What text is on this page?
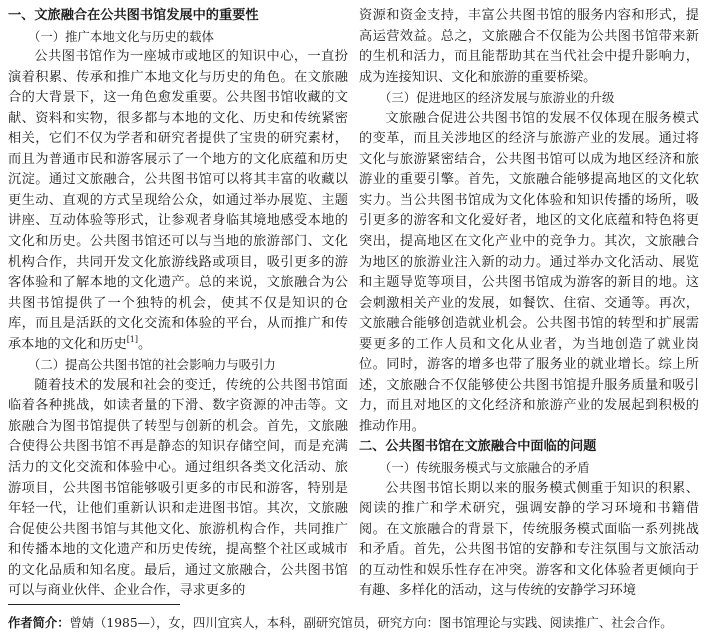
一、文旅融合在公共图书馆发展中的重要性
（一）推广本地文化与历史的载体

公共图书馆作为一座城市或地区的知识中心，一直扮演着积累、传承和推广本地文化与历史的角色。在文旅融合的大背景下，这一角色愈发重要。公共图书馆收藏的文献、资料和实物，很多都与本地的文化、历史和传统紧密相关，它们不仅为学者和研究者提供了宝贵的研究素材，而且为普通市民和游客展示了一个地方的文化底蕴和历史沉淀。通过文旅融合，公共图书馆可以将其丰富的收藏以更生动、直观的方式呈现给公众，如通过举办展览、主题讲座、互动体验等形式，让参观者身临其境地感受本地的文化和历史。公共图书馆还可以与当地的旅游部门、文化机构合作，共同开发文化旅游线路或项目，吸引更多的游客体验和了解本地的文化遗产。总的来说，文旅融合为公共图书馆提供了一个独特的机会，使其不仅是知识的仓库，而且是活跃的文化交流和体验的平台，从而推广和传承本地的文化和历史[1]。

（二）提高公共图书馆的社会影响力与吸引力

随着技术的发展和社会的变迁，传统的公共图书馆面临着各种挑战，如读者量的下滑、数字资源的冲击等。文旅融合为图书馆提供了转型与创新的机会。首先，文旅融合使得公共图书馆不再是静态的知识存储空间，而是充满活力的文化交流和体验中心。通过组织各类文化活动、旅游项目，公共图书馆能够吸引更多的市民和游客，特别是年轻一代，让他们重新认识和走进图书馆。其次，文旅融合促使公共图书馆与其他文化、旅游机构合作，共同推广和传播本地的文化遗产和历史传统，提高整个社区或城市的文化品质和知名度。最后，通过文旅融合，公共图书馆可以与商业伙伴、企业合作，寻求更多的

资源和资金支持，丰富公共图书馆的服务内容和形式，提高运营效益。总之，文旅融合不仅能为公共图书馆带来新的生机和活力，而且能帮助其在当代社会中提升影响力，成为连接知识、文化和旅游的重要桥梁。

（三）促进地区的经济发展与旅游业的升级

文旅融合促进公共图书馆的发展不仅体现在服务模式的变革，而且关涉地区的经济与旅游产业的发展。通过将文化与旅游紧密结合，公共图书馆可以成为地区经济和旅游业的重要引擎。首先，文旅融合能够提高地区的文化软实力。当公共图书馆成为文化体验和知识传播的场所，吸引更多的游客和文化爱好者，地区的文化底蕴和特色将更突出，提高地区在文化产业中的竞争力。其次，文旅融合为地区的旅游业注入新的动力。通过举办文化活动、展览和主题导览等项目，公共图书馆成为游客的新目的地。这会刺激相关产业的发展，如餐饮、住宿、交通等。再次，文旅融合能够创造就业机会。公共图书馆的转型和扩展需要更多的工作人员和文化从业者，为当地创造了就业岗位。同时，游客的增多也带了服务业的就业增长。综上所述，文旅融合不仅能够使公共图书馆提升服务质量和吸引力，而且对地区的文化经济和旅游产业的发展起到积极的推动作用。

二、公共图书馆在文旅融合中面临的问题
（一）传统服务模式与文旅融合的矛盾

公共图书馆长期以来的服务模式侧重于知识的积累、阅读的推广和学术研究，强调安静的学习环境和书籍借阅。在文旅融合的背景下，传统服务模式面临一系列挑战和矛盾。首先，公共图书馆的安静和专注氛围与文旅活动的互动性和娱乐性存在冲突。游客和文化体验者更倾向于有趣、多样化的活动，这与传统的安静学习环境

作者简介：曾婧（1985—），女，四川宜宾人，本科，副研究馆员，研究方向：图书馆理论与实践、阅读推广、社会合作。
